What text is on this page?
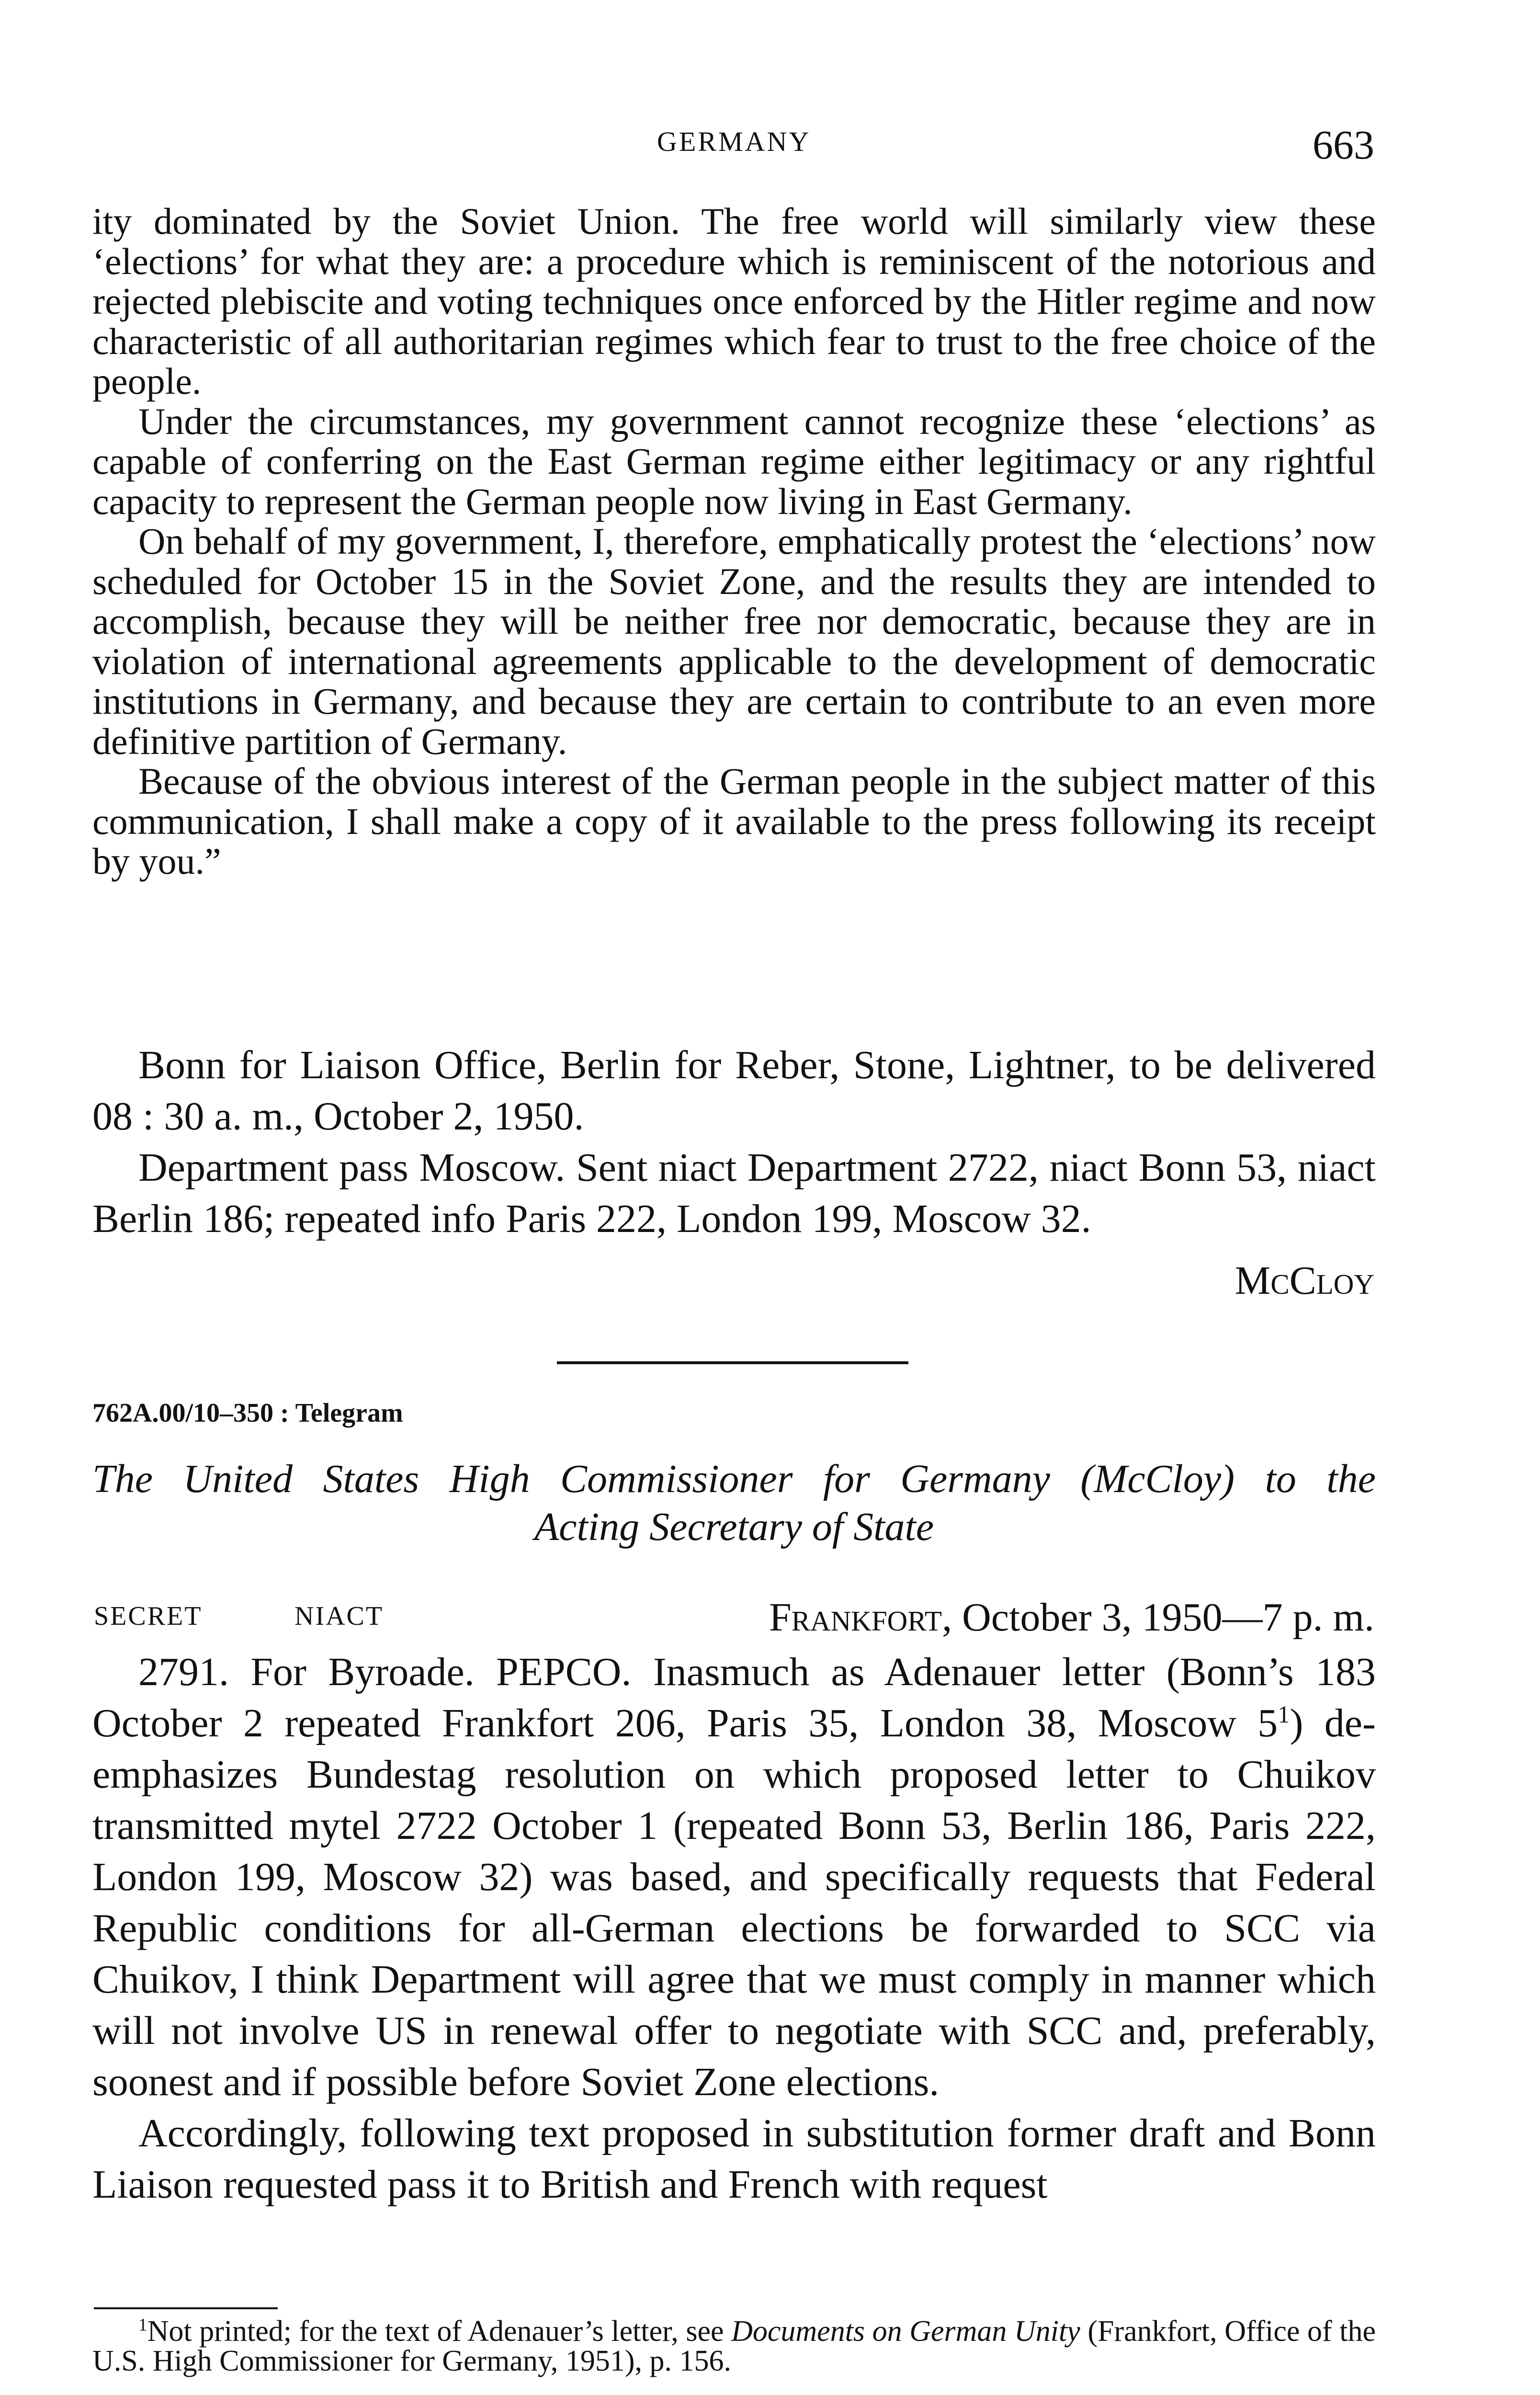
GERMANY	663

ity dominated by the Soviet Union. The free world will similarly view these ‘elections’ for what they are: a procedure which is reminiscent of the notorious and rejected plebiscite and voting techniques once enforced by the Hitler regime and now characteristic of all authoritarian regimes which fear to trust to the free choice of the people.

Under the circumstances, my government cannot recognize these ‘elections’ as capable of conferring on the East German regime either legitimacy or any rightful capacity to represent the German people now living in East Germany.

On behalf of my government, I, therefore, emphatically protest the ‘elections’ now scheduled for October 15 in the Soviet Zone, and the results they are intended to accomplish, because they will be neither free nor democratic, because they are in violation of international agreements applicable to the development of democratic institutions in Germany, and because they are certain to contribute to an even more definitive partition of Germany.

Because of the obvious interest of the German people in the subject matter of this communication, I shall make a copy of it available to the press following its receipt by you.”

Bonn for Liaison Office, Berlin for Reber, Stone, Lightner, to be delivered 08 : 30 a. m., October 2, 1950.

Department pass Moscow. Sent niact Department 2722, niact Bonn 53, niact Berlin 186; repeated info Paris 222, London 199, Moscow 32.

McCloy
762A.00/10–350 : Telegram
The United States High Commissioner for Germany (McCloy) to the
Acting Secretary of State
SECRET	NIACT	Frankfort, October 3, 1950—7 p. m.

2791. For Byroade. PEPCO. Inasmuch as Adenauer letter (Bonn’s 183 October 2 repeated Frankfort 206, Paris 35, London 38, Moscow $5^1$) de-emphasizes Bundestag resolution on which proposed letter to Chuikov transmitted mytel 2722 October 1 (repeated Bonn 53, Berlin 186, Paris 222, London 199, Moscow 32) was based, and specifically requests that Federal Republic conditions for all-German elections be forwarded to SCC via Chuikov, I think Department will agree that we must comply in manner which will not involve US in renewal offer to negotiate with SCC and, preferably, soonest and if possible before Soviet Zone elections.

Accordingly, following text proposed in substitution former draft and Bonn Liaison requested pass it to British and French with request

$^1$Not printed; for the text of Adenauer’s letter, see Documents on German Unity (Frankfort, Office of the U.S. High Commissioner for Germany, 1951), p. 156.
